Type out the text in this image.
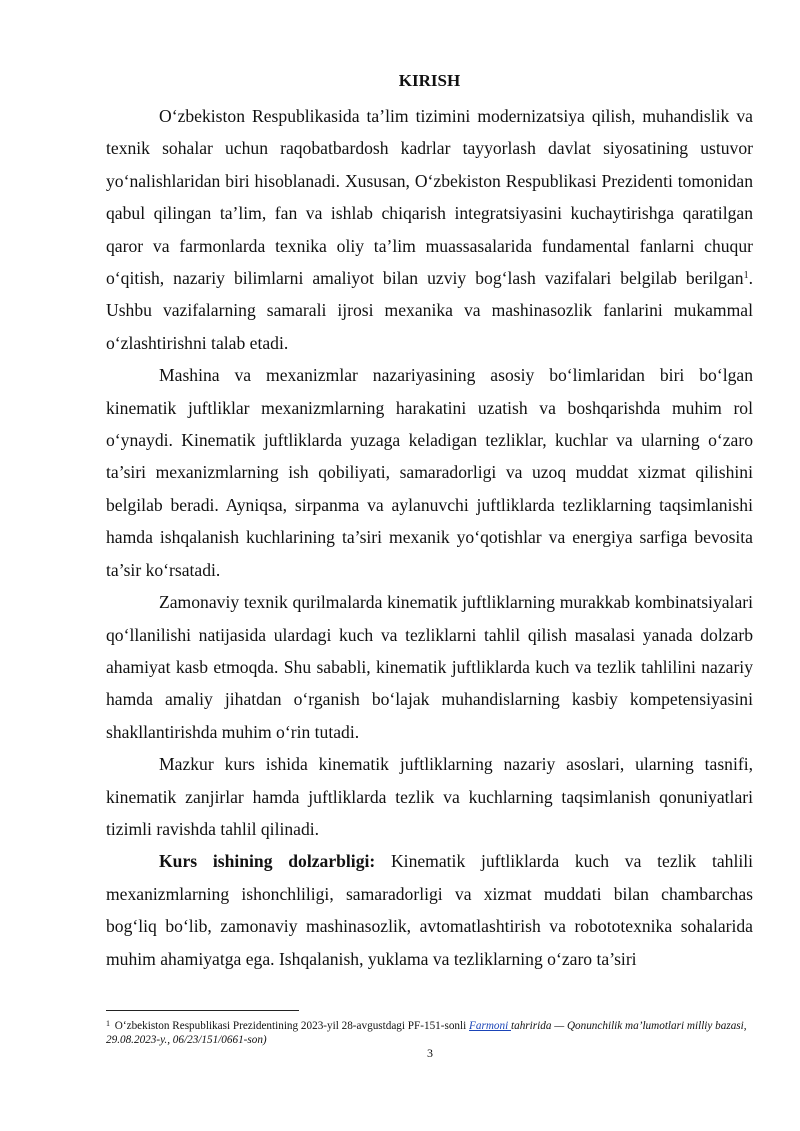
KIRISH

O‘zbekiston Respublikasida ta’lim tizimini modernizatsiya qilish, muhandislik va texnik sohalar uchun raqobatbardosh kadrlar tayyorlash davlat siyosatining ustuvor yo‘nalishlaridan biri hisoblanadi. Xususan, O‘zbekiston Respublikasi Prezidenti tomonidan qabul qilingan ta’lim, fan va ishlab chiqarish integratsiyasini kuchaytirishga qaratilgan qaror va farmonlarda texnika oliy ta’lim muassasalarida fundamental fanlarni chuqur o‘qitish, nazariy bilimlarni amaliyot bilan uzviy bog‘lash vazifalari belgilab berilgan$^1$. Ushbu vazifalarning samarali ijrosi mexanika va mashinasozlik fanlarini mukammal o‘zlashtirishni talab etadi.

Mashina va mexanizmlar nazariyasining asosiy bo‘limlaridan biri bo‘lgan kinematik juftliklar mexanizmlarning harakatini uzatish va boshqarishda muhim rol o‘ynaydi. Kinematik juftliklarda yuzaga keladigan tezliklar, kuchlar va ularning o‘zaro ta’siri mexanizmlarning ish qobiliyati, samaradorligi va uzoq muddat xizmat qilishini belgilab beradi. Ayniqsa, sirpanma va aylanuvchi juftliklarda tezliklarning taqsimlanishi hamda ishqalanish kuchlarining ta’siri mexanik yo‘qotishlar va energiya sarfiga bevosita ta’sir ko‘rsatadi.

Zamonaviy texnik qurilmalarda kinematik juftliklarning murakkab kombinatsiyalari qo‘llanilishi natijasida ulardagi kuch va tezliklarni tahlil qilish masalasi yanada dolzarb ahamiyat kasb etmoqda. Shu sababli, kinematik juftliklarda kuch va tezlik tahlilini nazariy hamda amaliy jihatdan o‘rganish bo‘lajak muhandislarning kasbiy kompetensiyasini shakllantirishda muhim o‘rin tutadi.

Mazkur kurs ishida kinematik juftliklarning nazariy asoslari, ularning tasnifi, kinematik zanjirlar hamda juftliklarda tezlik va kuchlarning taqsimlanish qonuniyatlari tizimli ravishda tahlil qilinadi.

Kurs ishining dolzarbligi: Kinematik juftliklarda kuch va tezlik tahlili mexanizmlarning ishonchliligi, samaradorligi va xizmat muddati bilan chambarchas bog‘liq bo‘lib, zamonaviy mashinasozlik, avtomatlashtirish va robototexnika sohalarida muhim ahamiyatga ega. Ishqalanish, yuklama va tezliklarning o‘zaro ta’siri

$^1$ O‘zbekiston Respublikasi Prezidentining 2023-yil 28-avgustdagi PF-151-sonli Farmoni tahririda — Qonunchilik ma’lumotlari milliy bazasi, 29.08.2023-y., 06/23/151/0661-son)
3
